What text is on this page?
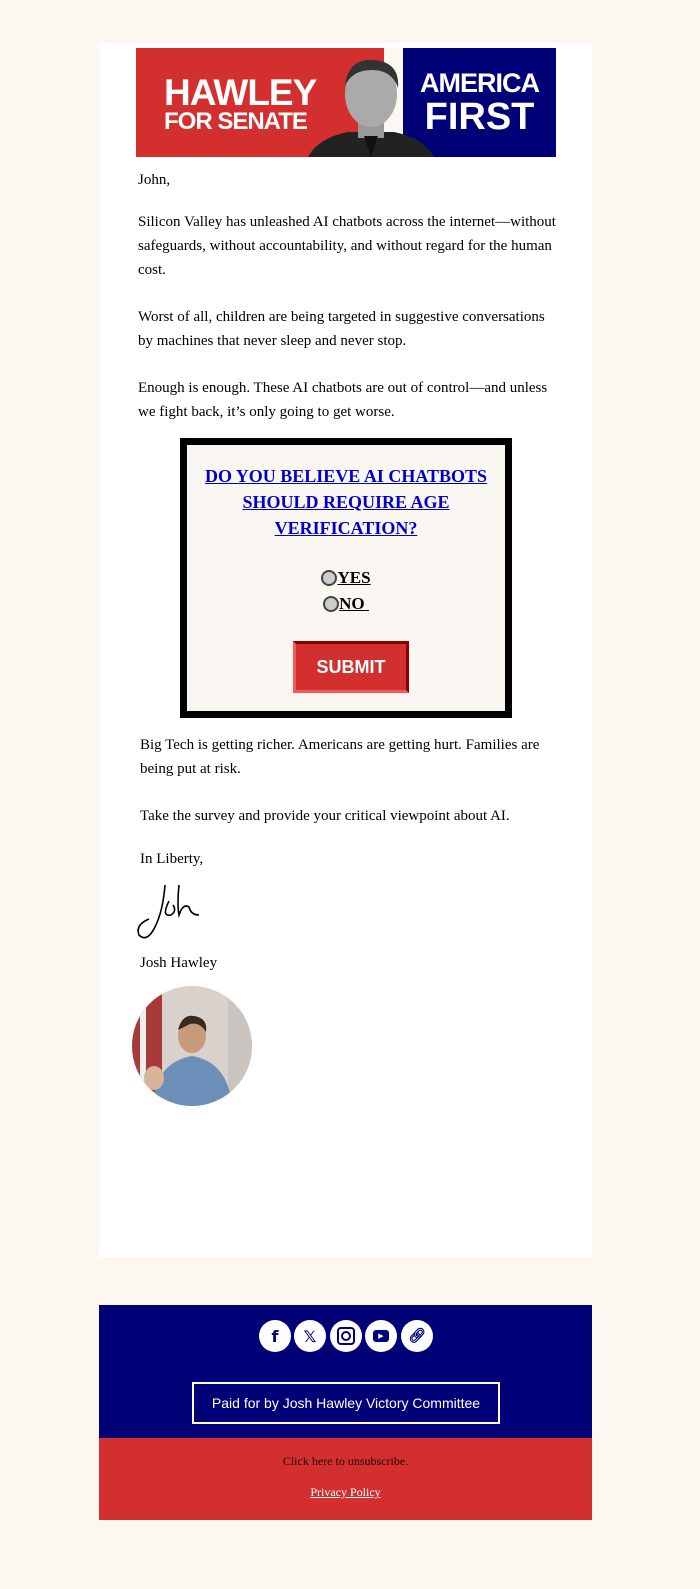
HAWLEY
FOR SENATE
AMERICA
FIRST
John,
Silicon Valley has unleashed AI chatbots across the internet—without safeguards, without accountability, and without regard for the human cost.
Worst of all, children are being targeted in suggestive conversations by machines that never sleep and never stop.
Enough is enough. These AI chatbots are out of control—and unless we fight back, it’s only going to get worse.
DO YOU BELIEVE AI CHATBOTS SHOULD REQUIRE AGE VERIFICATION?
YES
NO

SUBMIT
Big Tech is getting richer. Americans are getting hurt. Families are being put at risk.
Take the survey and provide your critical viewpoint about AI.
In Liberty,
Josh Hawley
f	𝕏	▶	🔗︎
Paid for by Josh Hawley Victory Committee
Click here to unsubscribe.
Privacy Policy
